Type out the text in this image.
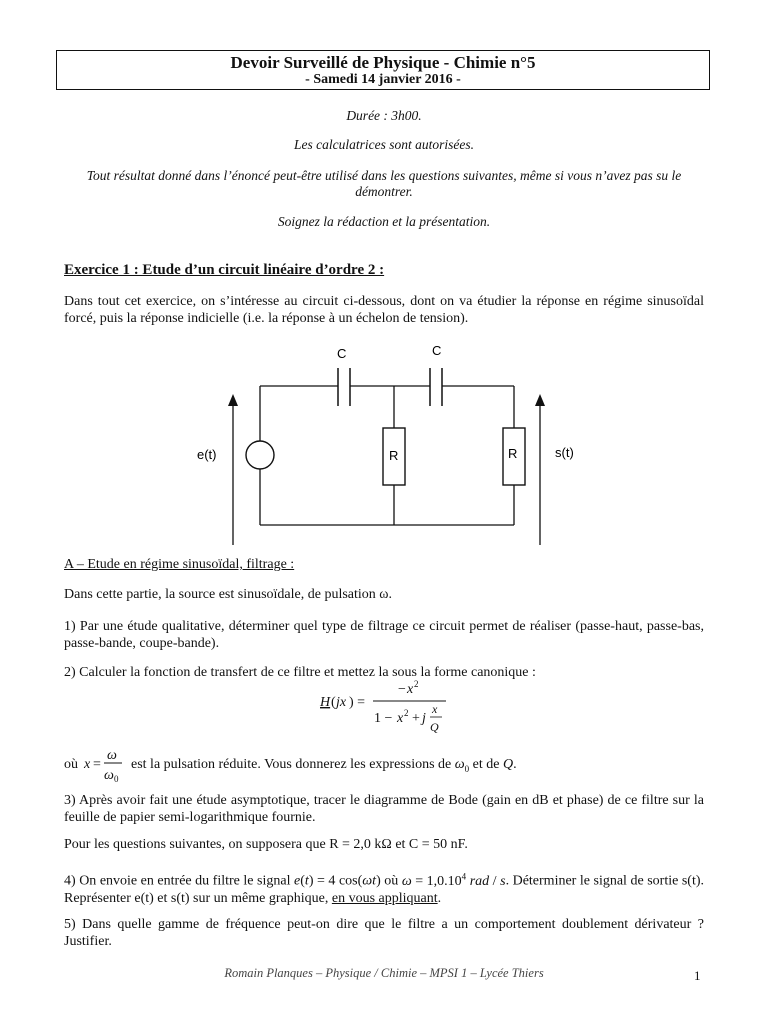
Devoir Surveillé de Physique - Chimie n°5
- Samedi 14 janvier 2016 -
Durée : 3h00.
Les calculatrices sont autorisées.
Tout résultat donné dans l’énoncé peut-être utilisé dans les questions suivantes, même si vous n’avez pas su le démontrer.
Soignez la rédaction et la présentation.
Exercice 1 : Etude d’un circuit linéaire d’ordre 2 :
Dans tout cet exercice, on s’intéresse au circuit ci-dessous, dont on va étudier la réponse en régime sinusoïdal forcé, puis la réponse indicielle (i.e. la réponse à un échelon de tension).
C	C
R	R
e(t)	s(t)
A – Etude en régime sinusoïdal, filtrage :
Dans cette partie, la source est sinusoïdale, de pulsation ω.
1) Par une étude qualitative, déterminer quel type de filtrage ce circuit permet de réaliser (passe-haut, passe-bas, passe-bande, coupe-bande).
2) Calculer la fonction de transfert de ce filtre et mettez la sous la forme canonique :
H ( jx ) =
− x 2
1 − x 2 + j
x
Q
où x =
ω
ω 0
est la pulsation réduite. Vous donnerez les expressions de $\omega_0$ et de Q.
3) Après avoir fait une étude asymptotique, tracer le diagramme de Bode (gain en dB et phase) de ce filtre sur la feuille de papier semi-logarithmique fournie.
Pour les questions suivantes, on supposera que R = 2,0 kΩ et C = 50 nF.
4) On envoie en entrée du filtre le signal e(t) = 4 cos(ωt) où $\omega = 1,0.10^4$ rad / s. Déterminer le signal de sortie s(t). Représenter e(t) et s(t) sur un même graphique, en vous appliquant.
5) Dans quelle gamme de fréquence peut-on dire que le filtre a un comportement doublement dérivateur ? Justifier.
Romain Planques – Physique / Chimie – MPSI 1 – Lycée Thiers	1
